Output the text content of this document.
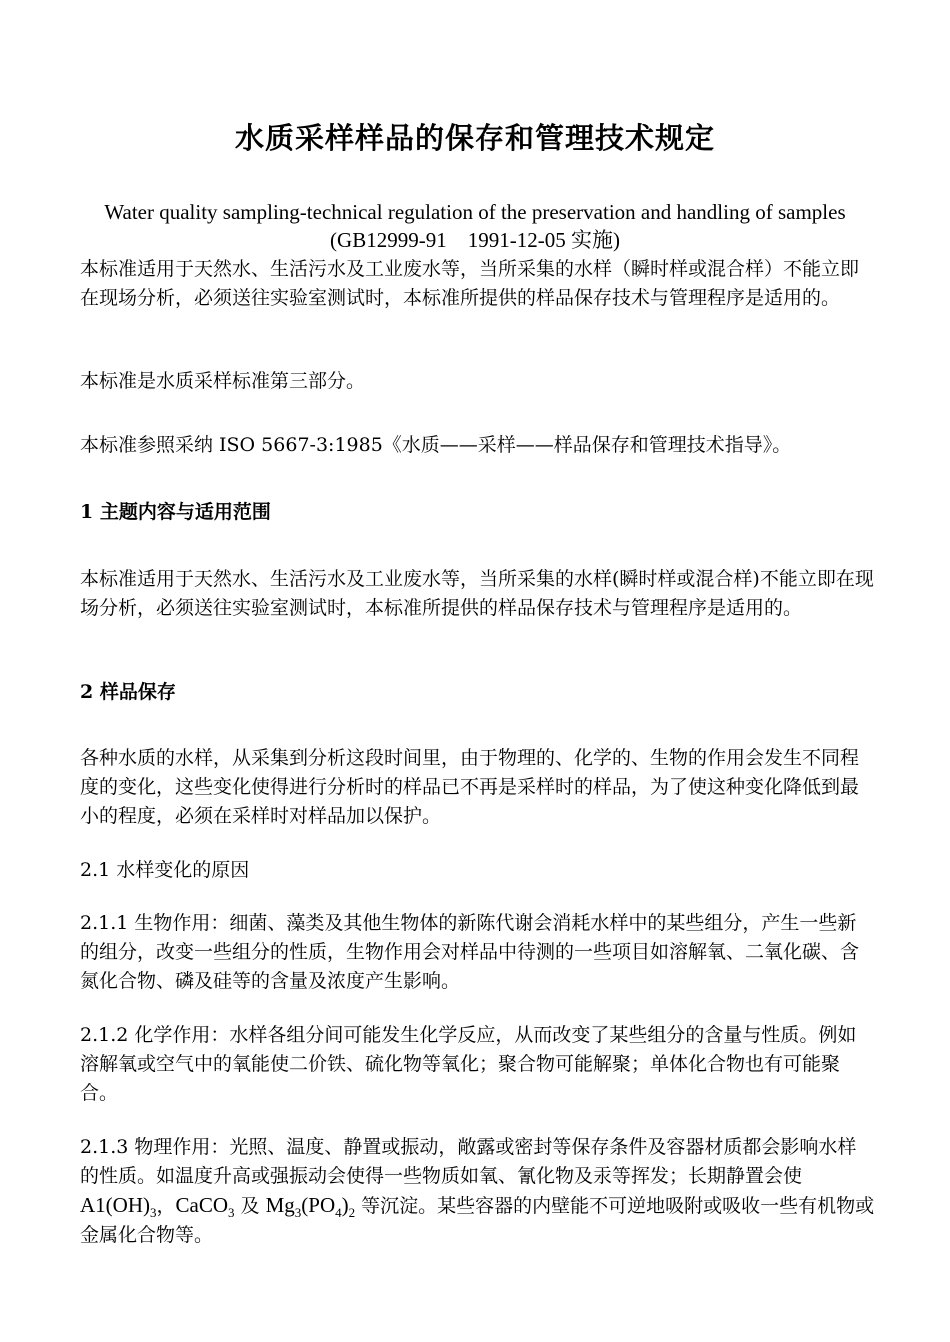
水质采样样品的保存和管理技术规定

Water quality sampling-technical regulation of the preservation and handling of samples

(GB12999-91　1991-12-05 实施)

本标准适用于天然水、生活污水及工业废水等，当所采集的水样（瞬时样或混合样）不能立即在现场分析，必须送往实验室测试时，本标准所提供的样品保存技术与管理程序是适用的。

本标准是水质采样标准第三部分。

本标准参照采纳 ISO 5667-3:1985《水质——采样——样品保存和管理技术指导》。

1 主题内容与适用范围

本标准适用于天然水、生活污水及工业废水等，当所采集的水样(瞬时样或混合样)不能立即在现场分析，必须送往实验室测试时，本标准所提供的样品保存技术与管理程序是适用的。

2 样品保存

各种水质的水样，从采集到分析这段时间里，由于物理的、化学的、生物的作用会发生不同程度的变化，这些变化使得进行分析时的样品已不再是采样时的样品，为了使这种变化降低到最小的程度，必须在采样时对样品加以保护。

2.1 水样变化的原因

2.1.1 生物作用：细菌、藻类及其他生物体的新陈代谢会消耗水样中的某些组分，产生一些新的组分，改变一些组分的性质，生物作用会对样品中待测的一些项目如溶解氧、二氧化碳、含氮化合物、磷及硅等的含量及浓度产生影响。

2.1.2 化学作用：水样各组分间可能发生化学反应，从而改变了某些组分的含量与性质。例如溶解氧或空气中的氧能使二价铁、硫化物等氧化；聚合物可能解聚；单体化合物也有可能聚合。

2.1.3 物理作用：光照、温度、静置或振动，敞露或密封等保存条件及容器材质都会影响水样的性质。如温度升高或强振动会使得一些物质如氧、氰化物及汞等挥发；长期静置会使 $A1(OH)_3$，CaCO$_3$ 及 $Mg_3(PO_4)_2$ 等沉淀。某些容器的内壁能不可逆地吸附或吸收一些有机物或金属化合物等。
